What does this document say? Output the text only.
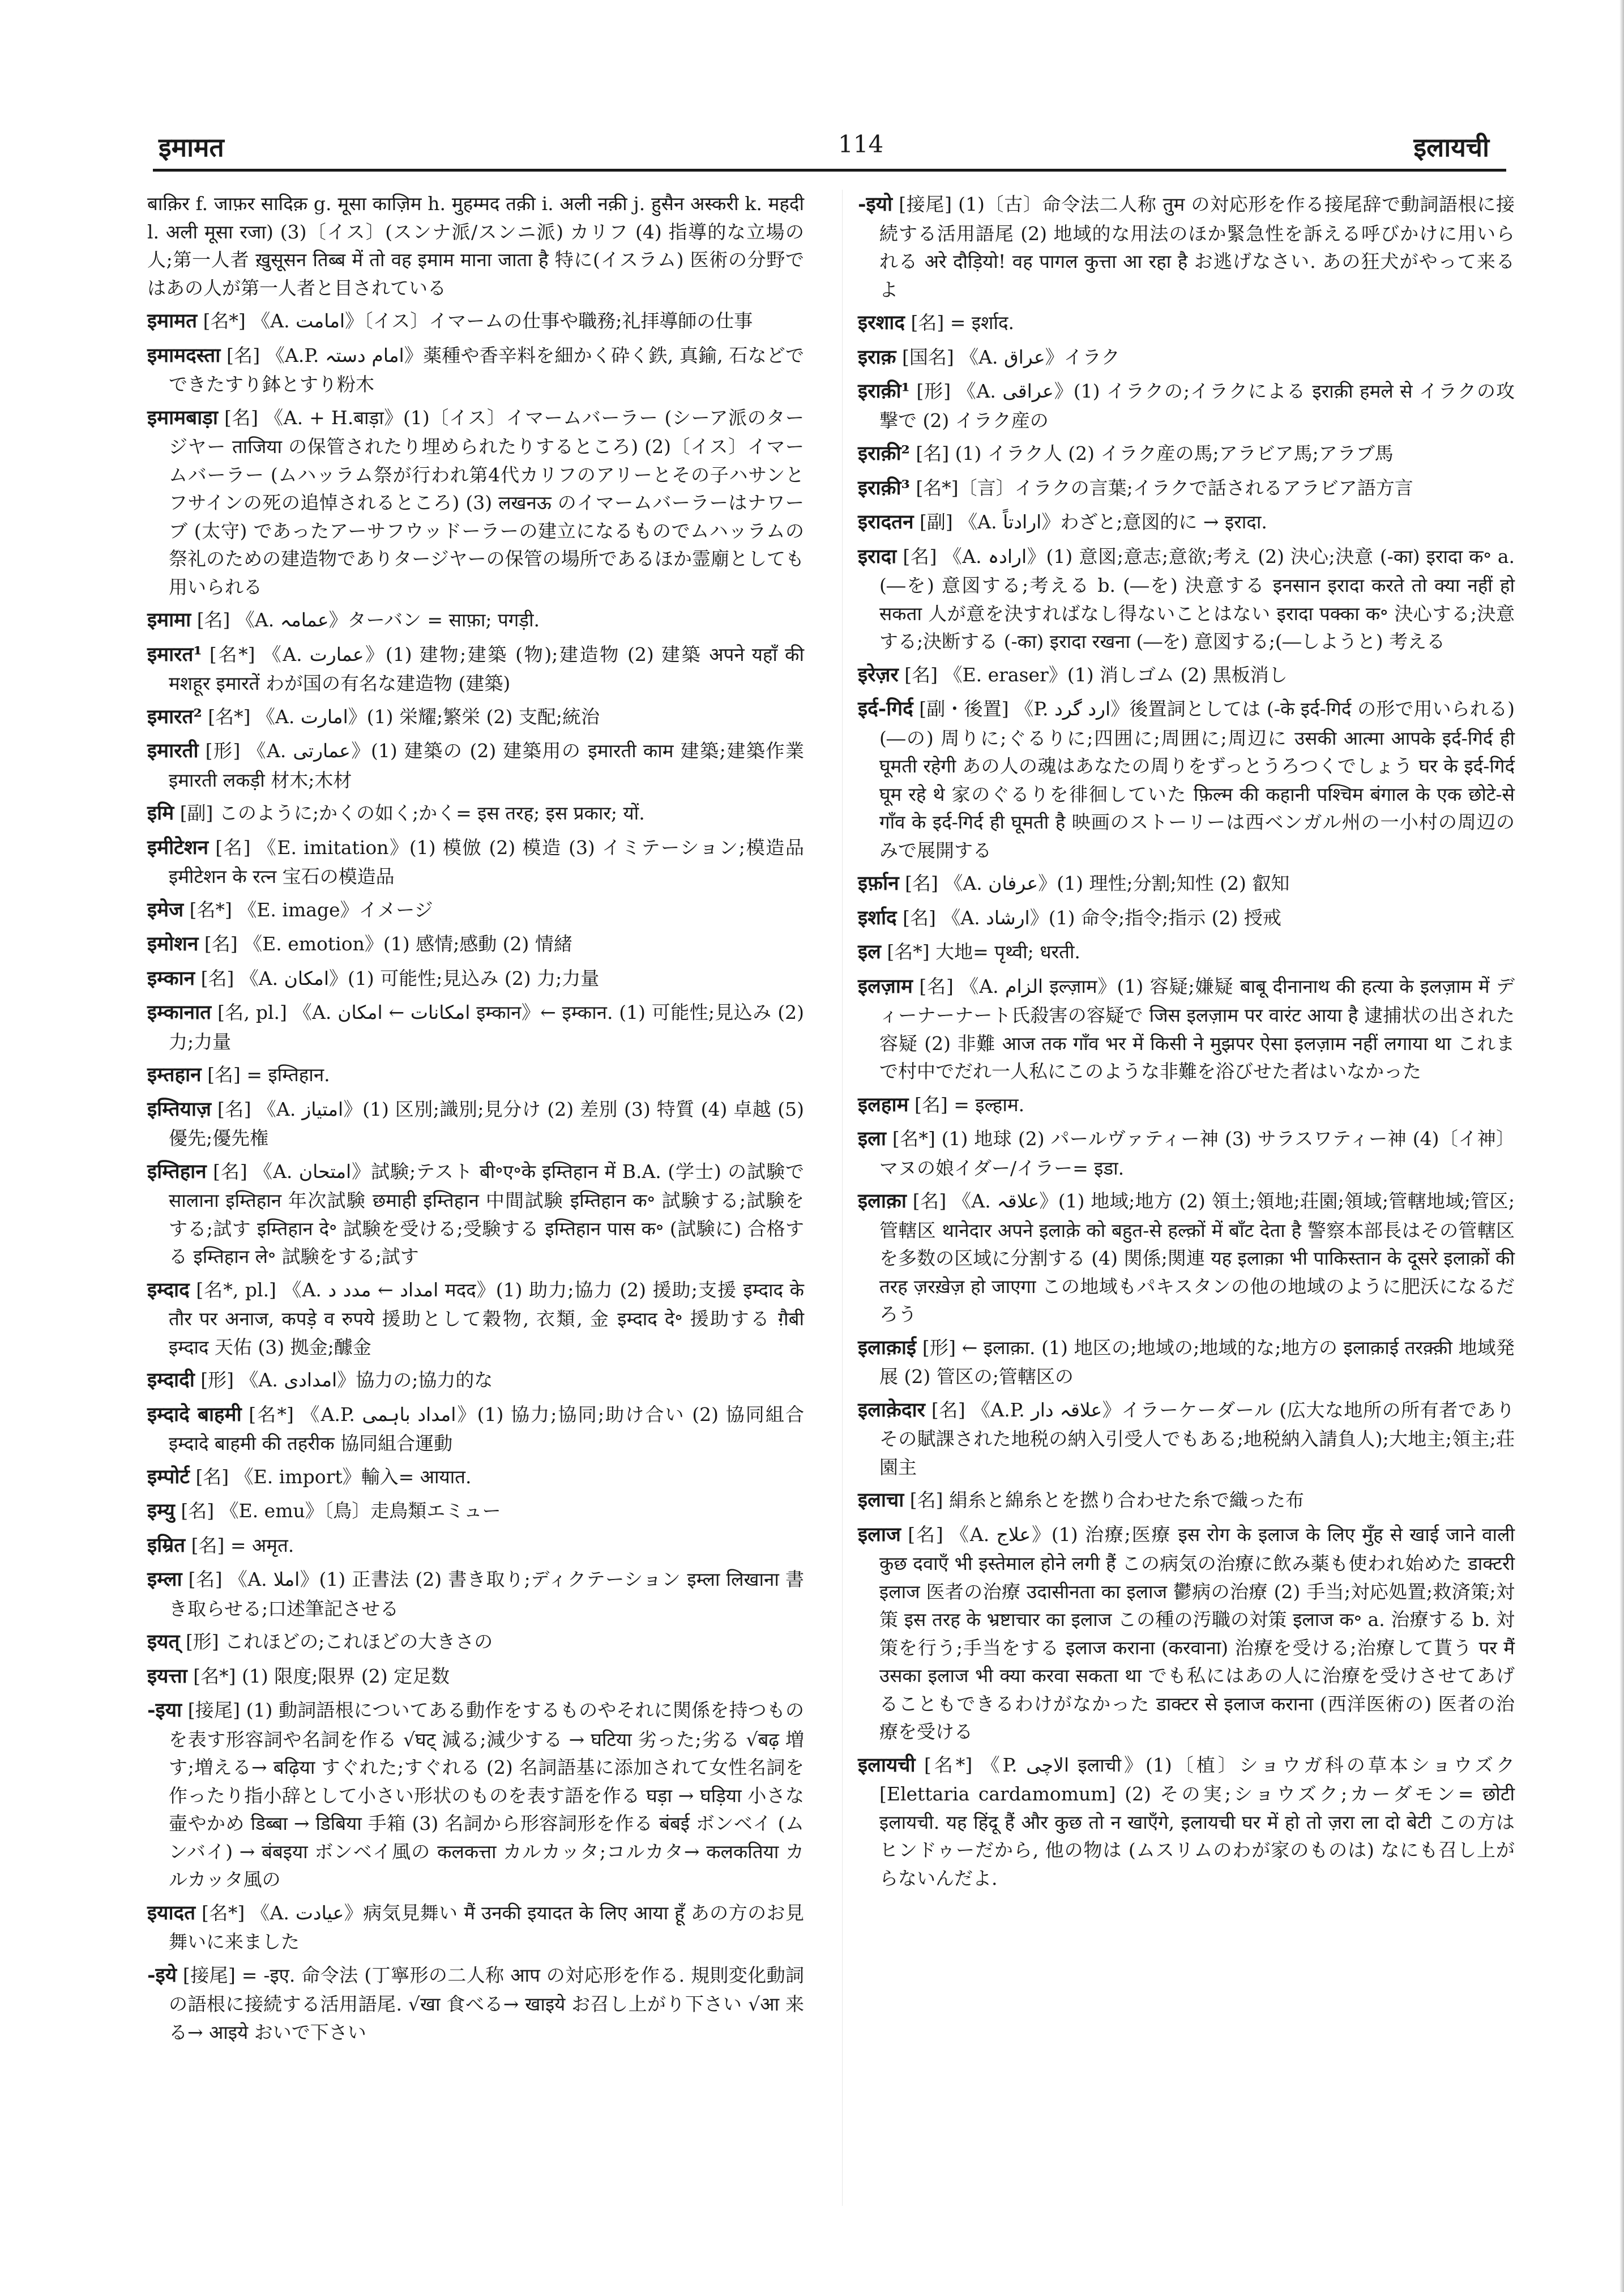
इमामत	114	इलायची

बाक़िर f. जाफ़र सादिक़ g. मूसा काज़िम h. मुहम्मद तक़ी i. अली नक़ी j. हुसैन अस्करी k. महदी l. अली मूसा रजा) (3)〔イス〕(スンナ派/スンニ派) カリフ (4) 指導的な立場の人;第一人者 ख़ुसूसन तिब्ब में तो वह इमाम माना जाता है 特に(イスラム) 医術の分野ではあの人が第一人者と目されている

इमामत [名*] 《A. امامت》〔イス〕イマームの仕事や職務;礼拝導師の仕事

इमामदस्ता [名] 《A.P. امام دستہ》薬種や香辛料を細かく砕く鉄, 真鍮, 石などでできたすり鉢とすり粉木

इमामबाड़ा [名] 《A. + H.बाड़ा》(1)〔イス〕イマームバーラー (シーア派のタージヤー ताजिया の保管されたり埋められたりするところ) (2)〔イス〕イマームバーラー (ムハッラム祭が行われ第4代カリフのアリーとその子ハサンとフサインの死の追悼されるところ) (3) लखनऊ のイマームバーラーはナワーブ (太守) であったアーサフウッドーラーの建立になるものでムハッラムの祭礼のための建造物でありタージヤーの保管の場所であるほか霊廟としても用いられる

इमामा [名] 《A. عمامہ》ターバン = साफ़ा; पगड़ी.

इमारत¹ [名*] 《A. عمارت》(1) 建物;建築 (物);建造物 (2) 建築 अपने यहाँ की मशहूर इमारतें わが国の有名な建造物 (建築)

इमारत² [名*] 《A. امارت》(1) 栄耀;繁栄 (2) 支配;統治

इमारती [形] 《A. عمارتی》(1) 建築の (2) 建築用の इमारती काम 建築;建築作業 इमारती लकड़ी 材木;木材

इमि [副] このように;かくの如く;かく= इस तरह; इस प्रकार; यों.

इमीटेशन [名] 《E. imitation》(1) 模倣 (2) 模造 (3) イミテーション;模造品 इमीटेशन के रत्न 宝石の模造品

इमेज [名*] 《E. image》イメージ

इमोशन [名] 《E. emotion》(1) 感情;感動 (2) 情緒

इम्कान [名] 《A. امکان》(1) 可能性;見込み (2) 力;力量

इम्कानात [名, pl.] 《A. امکانات ← امکان इम्कान》← इम्कान. (1) 可能性;見込み (2) 力;力量

इम्तहान [名] = इम्तिहान.

इम्तियाज़ [名] 《A. امتیاز》(1) 区別;識別;見分け (2) 差別 (3) 特質 (4) 卓越 (5) 優先;優先権

इम्तिहान [名] 《A. امتحان》試験;テスト बी॰ए॰के इम्तिहान में B.A. (学士) の試験で सालाना इम्तिहान 年次試験 छमाही इम्तिहान 中間試験 इम्तिहान क॰ 試験する;試験をする;試す इम्तिहान दे॰ 試験を受ける;受験する इम्तिहान पास क॰ (試験に) 合格する इम्तिहान ले॰ 試験をする;試す

इम्दाद [名*, pl.] 《A. امداد ← مدد د मदद》(1) 助力;協力 (2) 援助;支援 इम्दाद के तौर पर अनाज, कपड़े व रुपये 援助として穀物, 衣類, 金 इम्दाद दे॰ 援助する ग़ैबी इम्दाद 天佑 (3) 拠金;醵金

इम्दादी [形] 《A. امدادی》協力の;協力的な

इम्दादे बाहमी [名*] 《A.P. امداد باہمی》(1) 協力;協同;助け合い (2) 協同組合 इम्दादे बाहमी की तहरीक 協同組合運動

इम्पोर्ट [名] 《E. import》輸入= आयात.

इम्यु [名] 《E. emu》〔鳥〕走鳥類エミュー

इम्रित [名] = अमृत.

इम्ला [名] 《A. املا》(1) 正書法 (2) 書き取り;ディクテーション इम्ला लिखाना 書き取らせる;口述筆記させる

इयत् [形] これほどの;これほどの大きさの

इयत्ता [名*] (1) 限度;限界 (2) 定足数

-इया [接尾] (1) 動詞語根についてある動作をするものやそれに関係を持つものを表す形容詞や名詞を作る √घट् 減る;減少する → घटिया 劣った;劣る √बढ़ 増す;増える→ बढ़िया すぐれた;すぐれる (2) 名詞語基に添加されて女性名詞を作ったり指小辞として小さい形状のものを表す語を作る घड़ा → घड़िया 小さな壷やかめ डिब्बा → डिबिया 手箱 (3) 名詞から形容詞形を作る बंबई ボンベイ (ムンバイ) → बंबइया ボンベイ風の कलकत्ता カルカッタ;コルカタ→ कलकतिया カルカッタ風の

इयादत [名*] 《A. عیادت》病気見舞い मैं उनकी इयादत के लिए आया हूँ あの方のお見舞いに来ました

-इये [接尾] = -इए. 命令法 (丁寧形の二人称 आप の対応形を作る. 規則変化動詞の語根に接続する活用語尾. √खा 食べる→ खाइये お召し上がり下さい √आ 来る→ आइये おいで下さい

-इयो [接尾] (1)〔古〕命令法二人称 तुम の対応形を作る接尾辞で動詞語根に接続する活用語尾 (2) 地域的な用法のほか緊急性を訴える呼びかけに用いられる अरे दौड़ियो! वह पागल कुत्ता आ रहा है お逃げなさい. あの狂犬がやって来るよ

इरशाद [名] = इर्शाद.

इराक़ [国名] 《A. عراق》イラク

इराक़ी¹ [形] 《A. عراقی》(1) イラクの;イラクによる इराक़ी हमले से イラクの攻撃で (2) イラク産の

इराक़ी² [名] (1) イラク人 (2) イラク産の馬;アラビア馬;アラブ馬

इराक़ी³ [名*]〔言〕イラクの言葉;イラクで話されるアラビア語方言

इरादतन [副] 《A. ارادتاً》わざと;意図的に → इरादा.

इरादा [名] 《A. ارادہ》(1) 意図;意志;意欲;考え (2) 決心;決意 (-का) इरादा क॰ a. (―を) 意図する;考える b. (―を) 決意する इनसान इरादा करते तो क्या नहीं हो सकता 人が意を決すればなし得ないことはない इरादा पक्का क॰ 決心する;決意する;決断する (-का) इरादा रखना (―を) 意図する;(―しようと) 考える

इरेज़र [名] 《E. eraser》(1) 消しゴム (2) 黒板消し

इर्द-गिर्द [副・後置] 《P. ارد گرد》後置詞としては (-के इर्द-गिर्द の形で用いられる) (―の) 周りに;ぐるりに;四囲に;周囲に;周辺に उसकी आत्मा आपके इर्द-गिर्द ही घूमती रहेगी あの人の魂はあなたの周りをずっとうろつくでしょう घर के इर्द-गिर्द घूम रहे थे 家のぐるりを徘徊していた फ़िल्म की कहानी पश्चिम बंगाल के एक छोटे-से गाँव के इर्द-गिर्द ही घूमती है 映画のストーリーは西ベンガル州の一小村の周辺のみで展開する

इर्फ़ान [名] 《A. عرفان》(1) 理性;分割;知性 (2) 叡知

इर्शाद [名] 《A. ارشاد》(1) 命令;指令;指示 (2) 授戒

इल [名*] 大地= पृथ्वी; धरती.

इलज़ाम [名] 《A. الزام इल्ज़ाम》(1) 容疑;嫌疑 बाबू दीनानाथ की हत्या के इलज़ाम में ディーナーナート氏殺害の容疑で जिस इलज़ाम पर वारंट आया है 逮捕状の出された容疑 (2) 非難 आज तक गाँव भर में किसी ने मुझपर ऐसा इलज़ाम नहीं लगाया था これまで村中でだれ一人私にこのような非難を浴びせた者はいなかった

इलहाम [名] = इल्हाम.

इला [名*] (1) 地球 (2) パールヴァティー神 (3) サラスワティー神 (4)〔イ神〕マヌの娘イダー/イラー= इडा.

इलाक़ा [名] 《A. علاقہ》(1) 地域;地方 (2) 領土;領地;荘園;領域;管轄地域;管区;管轄区 थानेदार अपने इलाक़े को बहुत-से हल्क़ों में बाँट देता है 警察本部長はその管轄区を多数の区域に分割する (4) 関係;関連 यह इलाक़ा भी पाकिस्तान के दूसरे इलाक़ों की तरह ज़रख़ेज़ हो जाएगा この地域もパキスタンの他の地域のように肥沃になるだろう

इलाक़ाई [形] ← इलाक़ा. (1) 地区の;地域の;地域的な;地方の इलाक़ाई तरक़्क़ी 地域発展 (2) 管区の;管轄区の

इलाक़ेदार [名] 《A.P. علاقہ دار》イラーケーダール (広大な地所の所有者でありその賦課された地税の納入引受人でもある;地税納入請負人);大地主;領主;荘園主

इलाचा [名] 絹糸と綿糸とを撚り合わせた糸で織った布

इलाज [名] 《A. علاج》(1) 治療;医療 इस रोग के इलाज के लिए मुँह से खाई जाने वाली कुछ दवाएँ भी इस्तेमाल होने लगी हैं この病気の治療に飲み薬も使われ始めた डाक्टरी इलाज 医者の治療 उदासीनता का इलाज 鬱病の治療 (2) 手当;対応処置;救済策;対策 इस तरह के भ्रष्टाचार का इलाज この種の汚職の対策 इलाज क॰ a. 治療する b. 対策を行う;手当をする इलाज कराना (करवाना) 治療を受ける;治療して貰う पर मैं उसका इलाज भी क्या करवा सकता था でも私にはあの人に治療を受けさせてあげることもできるわけがなかった डाक्टर से इलाज कराना (西洋医術の) 医者の治療を受ける

इलायची [名*] 《P. الاچی इलाची》(1)〔植〕ショウガ科の草本ショウズク [Elettaria cardamomum] (2) その実;ショウズク;カーダモン= छोटी इलायची. यह हिंदू हैं और कुछ तो न खाएँगे, इलायची घर में हो तो ज़रा ला दो बेटी この方はヒンドゥーだから, 他の物は (ムスリムのわが家のものは) なにも召し上がらないんだよ.
